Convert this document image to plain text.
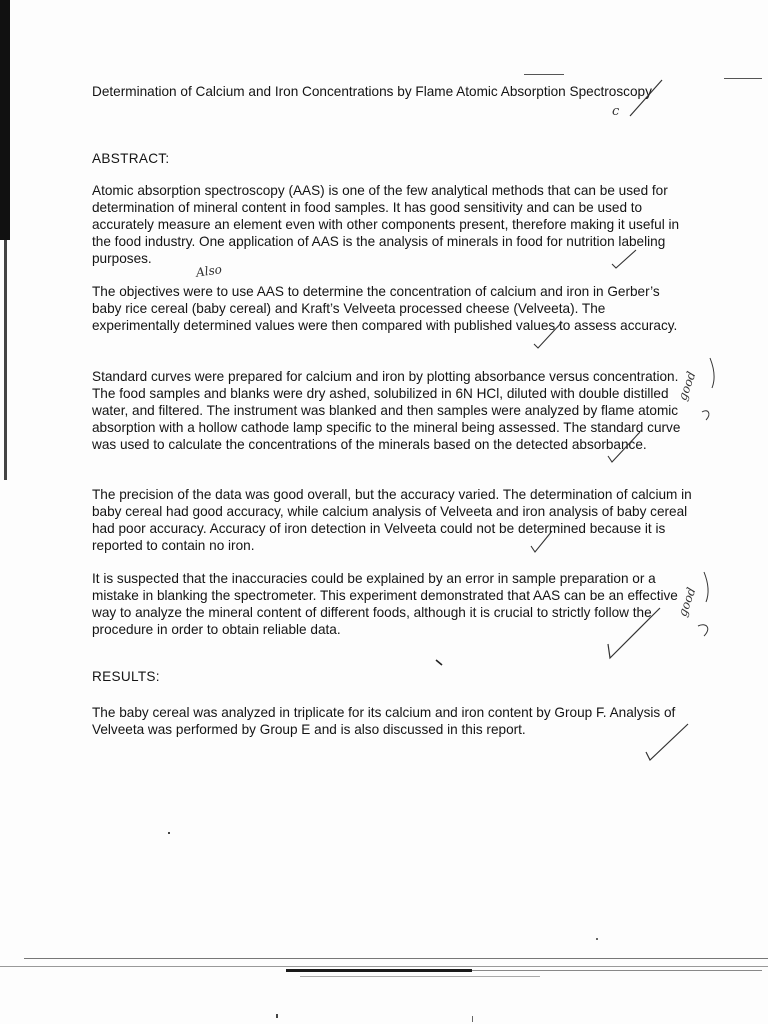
Determination of Calcium and Iron Concentrations by Flame Atomic Absorption Spectroscopy
ABSTRACT:
Atomic absorption spectroscopy (AAS) is one of the few analytical methods that can be used for determination of mineral content in food samples. It has good sensitivity and can be used to accurately measure an element even with other components present, therefore making it useful in the food industry. One application of AAS is the analysis of minerals in food for nutrition labeling purposes.
The objectives were to use AAS to determine the concentration of calcium and iron in Gerber’s baby rice cereal (baby cereal) and Kraft’s Velveeta processed cheese (Velveeta). The experimentally determined values were then compared with published values to assess accuracy.
Standard curves were prepared for calcium and iron by plotting absorbance versus concentration. The food samples and blanks were dry ashed, solubilized in 6N HCl, diluted with double distilled water, and filtered. The instrument was blanked and then samples were analyzed by flame atomic absorption with a hollow cathode lamp specific to the mineral being assessed. The standard curve was used to calculate the concentrations of the minerals based on the detected absorbance.
The precision of the data was good overall, but the accuracy varied. The determination of calcium in baby cereal had good accuracy, while calcium analysis of Velveeta and iron analysis of baby cereal had poor accuracy. Accuracy of iron detection in Velveeta could not be determined because it is reported to contain no iron.
It is suspected that the inaccuracies could be explained by an error in sample preparation or a mistake in blanking the spectrometer. This experiment demonstrated that AAS can be an effective way to analyze the mineral content of different foods, although it is crucial to strictly follow the procedure in order to obtain reliable data.
RESULTS:
The baby cereal was analyzed in triplicate for its calcium and iron content by Group F. Analysis of Velveeta was performed by Group E and is also discussed in this report.
Also
good
good
c
